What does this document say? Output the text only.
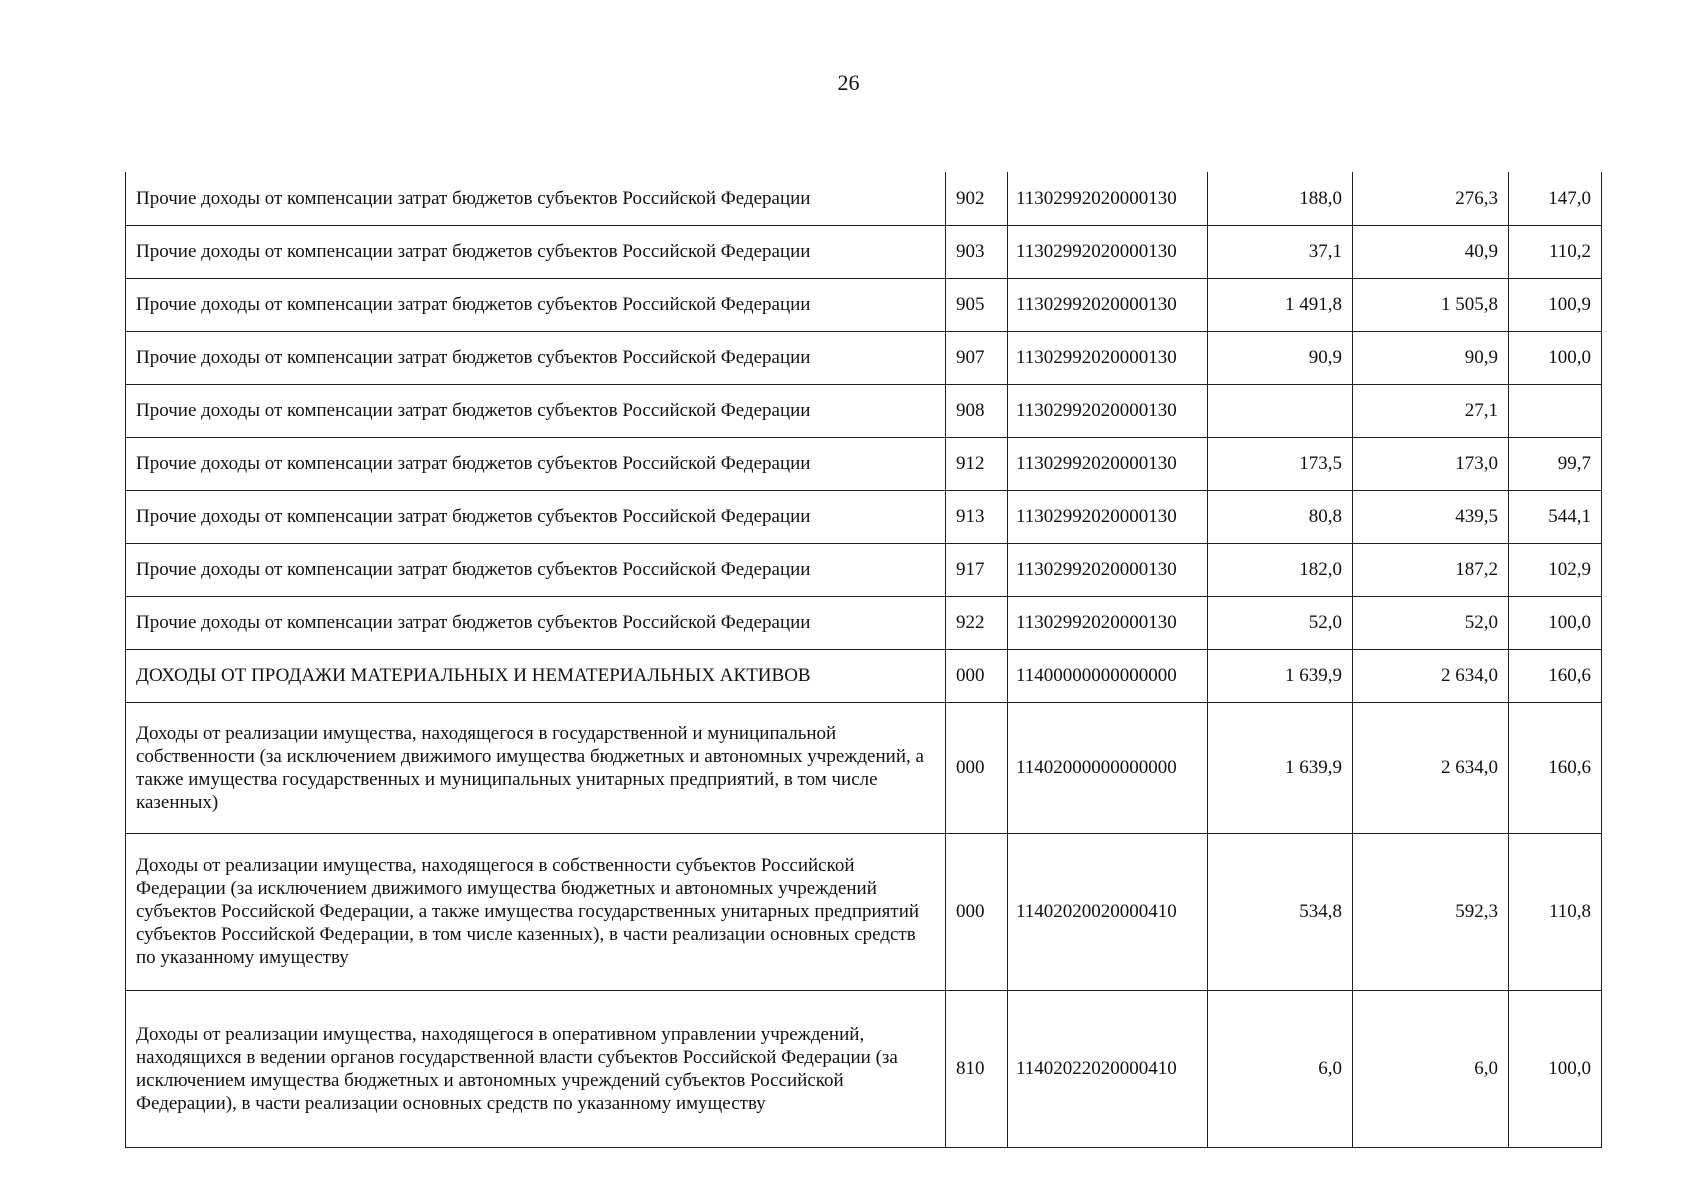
26
Прочие доходы от компенсации затрат бюджетов субъектов Российской Федерации	902	11302992020000130	188,0	276,3	147,0
Прочие доходы от компенсации затрат бюджетов субъектов Российской Федерации	903	11302992020000130	37,1	40,9	110,2
Прочие доходы от компенсации затрат бюджетов субъектов Российской Федерации	905	11302992020000130	1 491,8	1 505,8	100,9
Прочие доходы от компенсации затрат бюджетов субъектов Российской Федерации	907	11302992020000130	90,9	90,9	100,0
Прочие доходы от компенсации затрат бюджетов субъектов Российской Федерации	908	11302992020000130		27,1	
Прочие доходы от компенсации затрат бюджетов субъектов Российской Федерации	912	11302992020000130	173,5	173,0	99,7
Прочие доходы от компенсации затрат бюджетов субъектов Российской Федерации	913	11302992020000130	80,8	439,5	544,1
Прочие доходы от компенсации затрат бюджетов субъектов Российской Федерации	917	11302992020000130	182,0	187,2	102,9
Прочие доходы от компенсации затрат бюджетов субъектов Российской Федерации	922	11302992020000130	52,0	52,0	100,0
ДОХОДЫ ОТ ПРОДАЖИ МАТЕРИАЛЬНЫХ И НЕМАТЕРИАЛЬНЫХ АКТИВОВ	000	11400000000000000	1 639,9	2 634,0	160,6
Доходы от реализации имущества, находящегося в государственной и муниципальной собственности (за исключением движимого имущества бюджетных и автономных учреждений, а также имущества государственных и муниципальных унитарных предприятий, в том числе казенных)	000	11402000000000000	1 639,9	2 634,0	160,6
Доходы от реализации имущества, находящегося в собственности субъектов Российской Федерации (за исключением движимого имущества бюджетных и автономных учреждений субъектов Российской Федерации, а также имущества государственных унитарных предприятий субъектов Российской Федерации, в том числе казенных), в части реализации основных средств по указанному имуществу	000	11402020020000410	534,8	592,3	110,8
Доходы от реализации имущества, находящегося в оперативном управлении учреждений, находящихся в ведении органов государственной власти субъектов Российской Федерации (за исключением имущества бюджетных и автономных учреждений субъектов Российской Федерации), в части реализации основных средств по указанному имуществу	810	11402022020000410	6,0	6,0	100,0
